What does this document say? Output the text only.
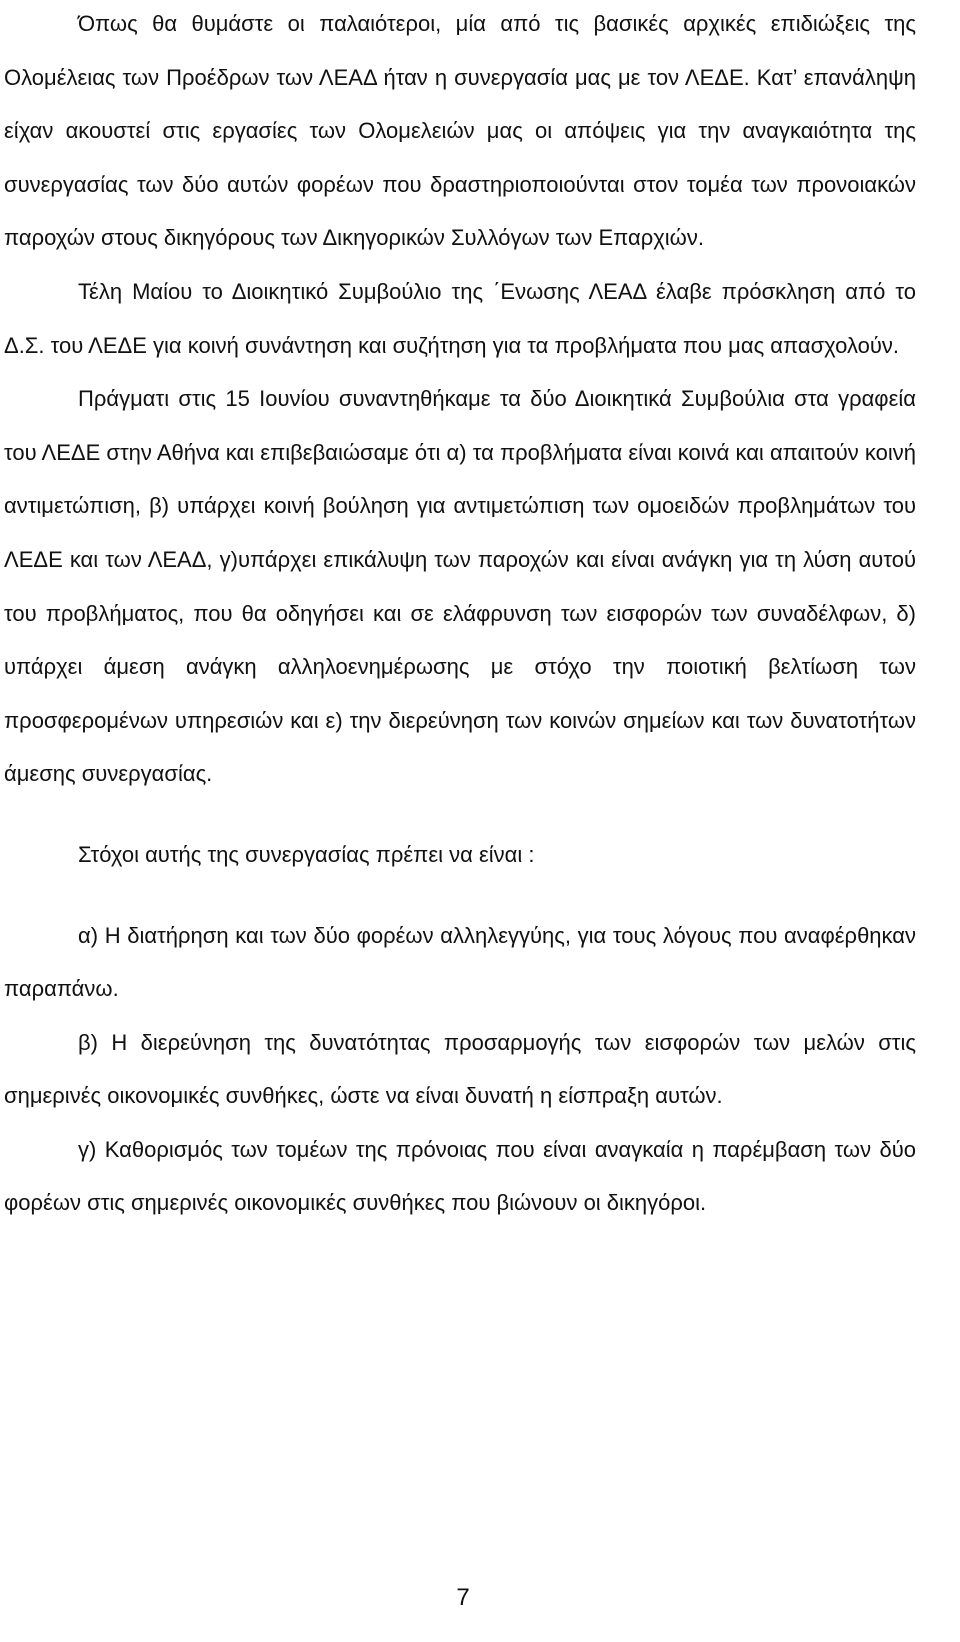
Όπως θα θυμάστε οι παλαιότεροι, μία από τις βασικές αρχικές επιδιώξεις της Ολομέλειας των Προέδρων των ΛΕΑΔ ήταν η συνεργασία μας με τον ΛΕΔΕ. Κατ’ επανάληψη είχαν ακουστεί στις εργασίες των Ολομελειών μας οι απόψεις για την αναγκαιότητα της συνεργασίας των δύο αυτών φορέων που δραστηριοποιούνται στον τομέα των προνοιακών παροχών στους δικηγόρους των Δικηγορικών Συλλόγων των Επαρχιών.

Τέλη Μαίου το Διοικητικό Συμβούλιο της ΄Ενωσης ΛΕΑΔ έλαβε πρόσκληση από το Δ.Σ. του ΛΕΔΕ για κοινή συνάντηση και συζήτηση για τα προβλήματα που μας απασχολούν.

Πράγματι στις 15 Ιουνίου συναντηθήκαμε τα δύο Διοικητικά Συμβούλια στα γραφεία του ΛΕΔΕ στην Αθήνα και επιβεβαιώσαμε ότι α) τα προβλήματα είναι κοινά και απαιτούν κοινή αντιμετώπιση, β) υπάρχει κοινή βούληση για αντιμετώπιση των ομοειδών προβλημάτων του ΛΕΔΕ και των ΛΕΑΔ, γ)υπάρχει επικάλυψη των παροχών και είναι ανάγκη για τη λύση αυτού του προβλήματος, που θα οδηγήσει και σε ελάφρυνση των εισφορών των συναδέλφων, δ) υπάρχει άμεση ανάγκη αλληλοενημέρωσης με στόχο την ποιοτική βελτίωση των προσφερομένων υπηρεσιών και ε) την διερεύνηση των κοινών σημείων και των δυνατοτήτων άμεσης συνεργασίας.

Στόχοι αυτής της συνεργασίας πρέπει να είναι :

α) Η διατήρηση και των δύο φορέων αλληλεγγύης, για τους λόγους που αναφέρθηκαν παραπάνω.

β) Η διερεύνηση της δυνατότητας προσαρμογής των εισφορών των μελών στις σημερινές οικονομικές συνθήκες, ώστε να είναι δυνατή η είσπραξη αυτών.

γ) Καθορισμός των τομέων της πρόνοιας που είναι αναγκαία η παρέμβαση των δύο φορέων στις σημερινές οικονομικές συνθήκες που βιώνουν οι δικηγόροι.

7
